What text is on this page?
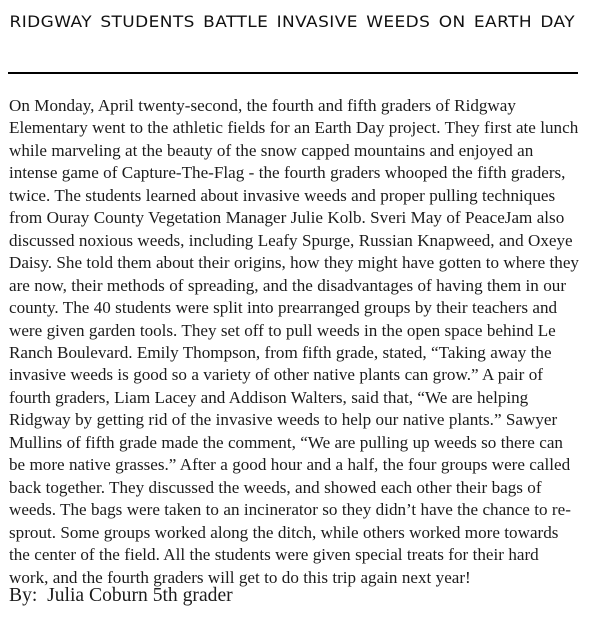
ridgway students battle invasive weeds on earth day

On Monday, April twenty-second, the fourth and fifth graders of Ridgway Elementary went to the athletic fields for an Earth Day project. They first ate lunch while marveling at the beauty of the snow capped mountains and enjoyed an intense game of Capture-The-Flag - the fourth graders whooped the fifth graders, twice. The students learned about invasive weeds and proper pulling techniques from Ouray County Vegetation Manager Julie Kolb. Sveri May of PeaceJam also discussed noxious weeds, including Leafy Spurge, Russian Knapweed, and Oxeye Daisy. She told them about their origins, how they might have gotten to where they are now, their methods of spreading, and the disadvantages of having them in our county. The 40 students were split into prearranged groups by their teachers and were given garden tools. They set off to pull weeds in the open space behind Le Ranch Boulevard. Emily Thompson, from fifth grade, stated, “Taking away the invasive weeds is good so a variety of other native plants can grow.” A pair of fourth graders, Liam Lacey and Addison Walters, said that, “We are helping Ridgway by getting rid of the invasive weeds to help our native plants.” Sawyer Mullins of fifth grade made the comment, “We are pulling up weeds so there can be more native grasses.” After a good hour and a half, the four groups were called back together. They discussed the weeds, and showed each other their bags of weeds. The bags were taken to an incinerator so they didn’t have the chance to re-sprout. Some groups worked along the ditch, while others worked more towards the center of the field. All the students were given special treats for their hard work, and the fourth graders will get to do this trip again next year!

By:  Julia Coburn 5th grader
